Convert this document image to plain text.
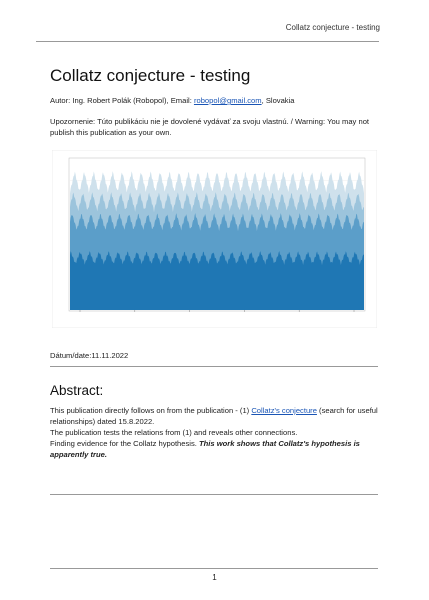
Collatz conjecture - testing
Collatz conjecture - testing
Autor: Ing. Robert Polák (Robopol), Email: robopol@gmail.com, Slovakia
Upozornenie: Túto publikáciu nie je dovolené vydávať za svoju vlastnú. / Warning: You may not publish this publication as your own.
Dátum/date:11.11.2022
Abstract:
This publication directly follows on from the publication - (1) Collatz's conjecture (search for useful relationships) dated 15.8.2022.
The publication tests the relations from (1) and reveals other connections.
Finding evidence for the Collatz hypothesis. This work shows that Collatz's hypothesis is apparently true.
1
